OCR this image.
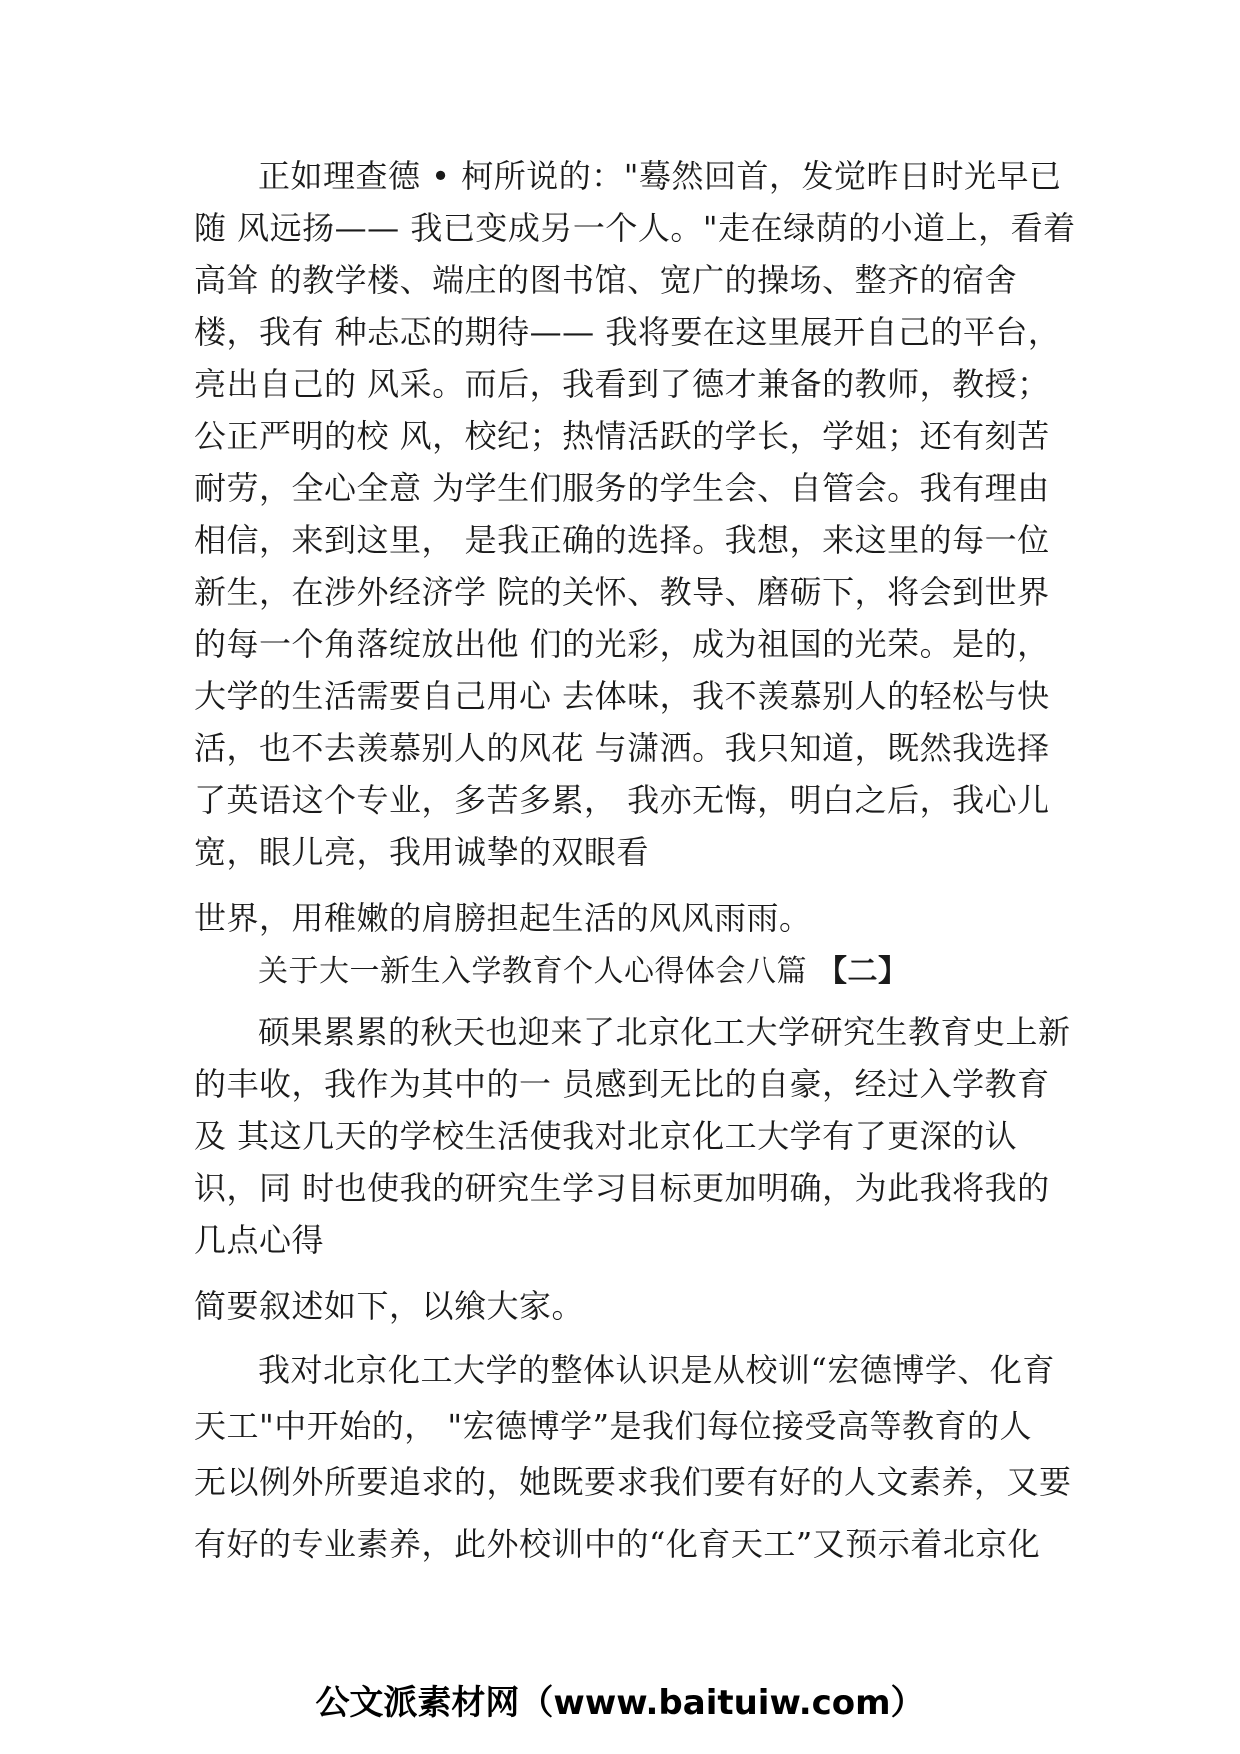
正如理查德 • 柯所说的："蓦然回首，发觉昨日时光早已
随 风远扬—— 我已变成另一个人。"走在绿荫的小道上，看着
高耸 的教学楼、端庄的图书馆、宽广的操场、整齐的宿舍
楼，我有 种忐忑的期待—— 我将要在这里展开自己的平台，
亮出自己的 风采。而后，我看到了德才兼备的教师，教授；
公正严明的校 风，校纪；热情活跃的学长，学姐；还有刻苦
耐劳，全心全意 为学生们服务的学生会、自管会。我有理由
相信，来到这里， 是我正确的选择。我想，来这里的每一位
新生，在涉外经济学 院的关怀、教导、磨砺下，将会到世界
的每一个角落绽放出他 们的光彩，成为祖国的光荣。是的，
大学的生活需要自己用心 去体味，我不羡慕别人的轻松与快
活，也不去羡慕别人的风花 与潇洒。我只知道，既然我选择
了英语这个专业，多苦多累， 我亦无悔，明白之后，我心儿
宽，眼儿亮，我用诚挚的双眼看
世界，用稚嫩的肩膀担起生活的风风雨雨。
关于大一新生入学教育个人心得体会八篇 【二】
硕果累累的秋天也迎来了北京化工大学研究生教育史上新
的丰收，我作为其中的一 员感到无比的自豪，经过入学教育
及 其这几天的学校生活使我对北京化工大学有了更深的认
识，同 时也使我的研究生学习目标更加明确，为此我将我的
几点心得
简要叙述如下，以飨大家。
我对北京化工大学的整体认识是从校训“宏德博学、化育
天工"中开始的， "宏德博学”是我们每位接受高等教育的人
无以例外所要追求的，她既要求我们要有好的人文素养，又要
有好的专业素养，此外校训中的“化育天工”又预示着北京化
公文派素材网（www.baituiw.com）
